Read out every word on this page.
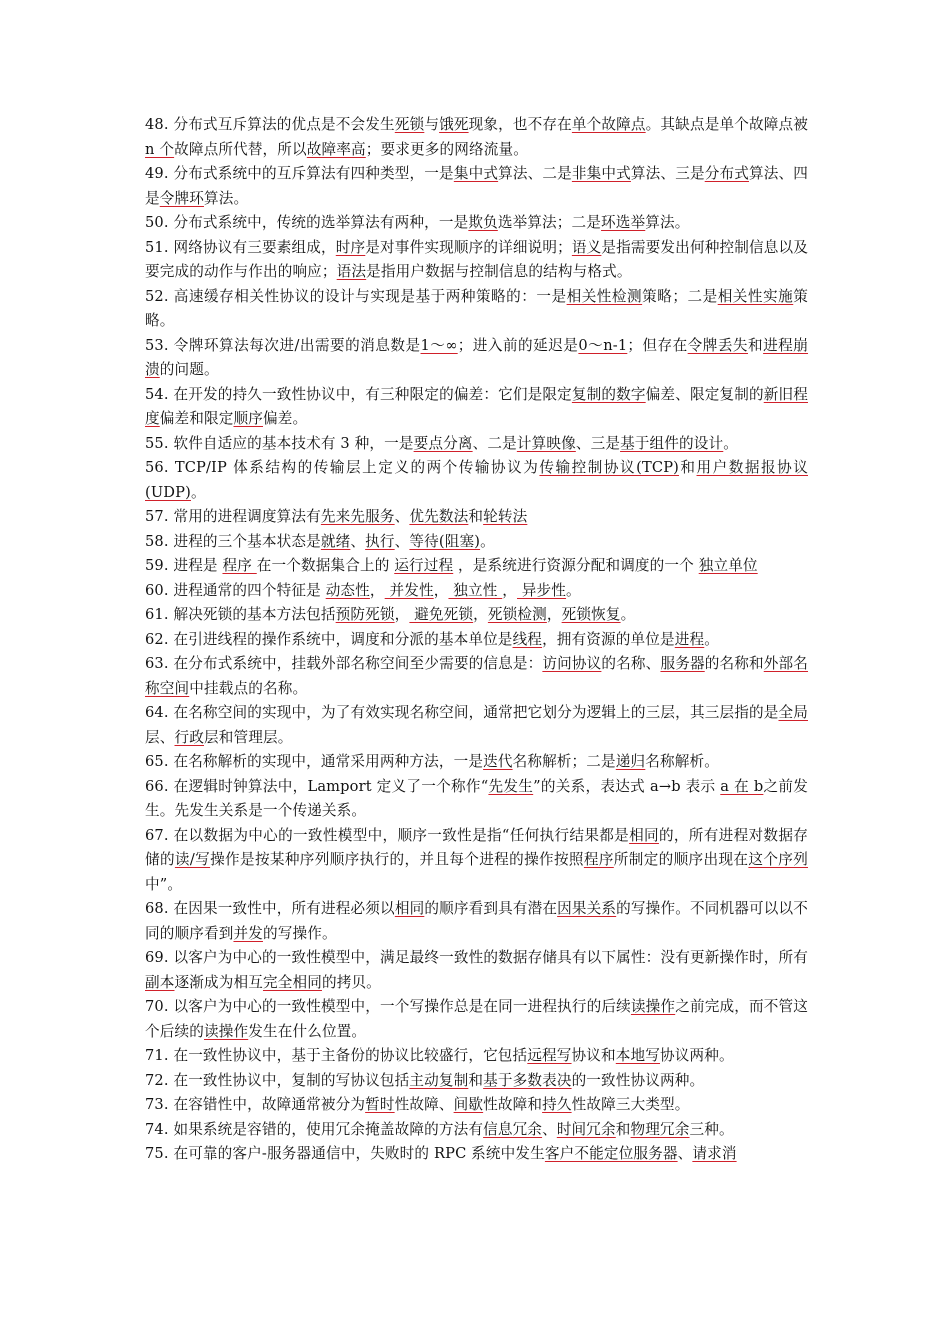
48. 分布式互斥算法的优点是不会发生死锁与饿死现象，也不存在单个故障点。其缺点是单个故障点被 n 个故障点所代替，所以故障率高；要求更多的网络流量。

49. 分布式系统中的互斥算法有四种类型，一是集中式算法、二是非集中式算法、三是分布式算法、四是令牌环算法。

50. 分布式系统中，传统的选举算法有两种，一是欺负选举算法；二是环选举算法。

51. 网络协议有三要素组成，时序是对事件实现顺序的详细说明；语义是指需要发出何种控制信息以及要完成的动作与作出的响应；语法是指用户数据与控制信息的结构与格式。

52. 高速缓存相关性协议的设计与实现是基于两种策略的：一是相关性检测策略；二是相关性实施策略。

53. 令牌环算法每次进/出需要的消息数是1～∞；进入前的延迟是0～n-1；但存在令牌丢失和进程崩溃的问题。

54. 在开发的持久一致性协议中，有三种限定的偏差：它们是限定复制的数字偏差、限定复制的新旧程度偏差和限定顺序偏差。

55. 软件自适应的基本技术有 3 种，一是要点分离、二是计算映像、三是基于组件的设计。

56. TCP/IP 体系结构的传输层上定义的两个传输协议为传输控制协议(TCP)和用户数据报协议(UDP)。

57. 常用的进程调度算法有先来先服务、优先数法和轮转法

58. 进程的三个基本状态是就绪、执行、等待(阻塞)。

59. 进程是 程序 在一个数据集合上的 运行过程 ，是系统进行资源分配和调度的一个 独立单位

60. 进程通常的四个特征是 动态性， 并发性， 独立性 ， 异步性。

61. 解决死锁的基本方法包括预防死锁， 避免死锁，死锁检测，死锁恢复。

62. 在引进线程的操作系统中，调度和分派的基本单位是线程，拥有资源的单位是进程。

63. 在分布式系统中，挂载外部名称空间至少需要的信息是：访问协议的名称、服务器的名称和外部名称空间中挂载点的名称。

64. 在名称空间的实现中，为了有效实现名称空间，通常把它划分为逻辑上的三层，其三层指的是全局层、行政层和管理层。

65. 在名称解析的实现中，通常采用两种方法，一是迭代名称解析；二是递归名称解析。

66. 在逻辑时钟算法中，Lamport 定义了一个称作“先发生”的关系，表达式 a→b 表示 a 在 b之前发生。先发生关系是一个传递关系。

67. 在以数据为中心的一致性模型中，顺序一致性是指“任何执行结果都是相同的，所有进程对数据存储的读/写操作是按某种序列顺序执行的，并且每个进程的操作按照程序所制定的顺序出现在这个序列中”。

68. 在因果一致性中，所有进程必须以相同的顺序看到具有潜在因果关系的写操作。不同机器可以以不同的顺序看到并发的写操作。

69. 以客户为中心的一致性模型中，满足最终一致性的数据存储具有以下属性：没有更新操作时，所有副本逐渐成为相互完全相同的拷贝。

70. 以客户为中心的一致性模型中，一个写操作总是在同一进程执行的后续读操作之前完成，而不管这个后续的读操作发生在什么位置。

71. 在一致性协议中，基于主备份的协议比较盛行，它包括远程写协议和本地写协议两种。

72. 在一致性协议中，复制的写协议包括主动复制和基于多数表决的一致性协议两种。

73. 在容错性中，故障通常被分为暂时性故障、间歇性故障和持久性故障三大类型。

74. 如果系统是容错的，使用冗余掩盖故障的方法有信息冗余、时间冗余和物理冗余三种。

75. 在可靠的客户-服务器通信中，失败时的 RPC 系统中发生客户不能定位服务器、请求消
